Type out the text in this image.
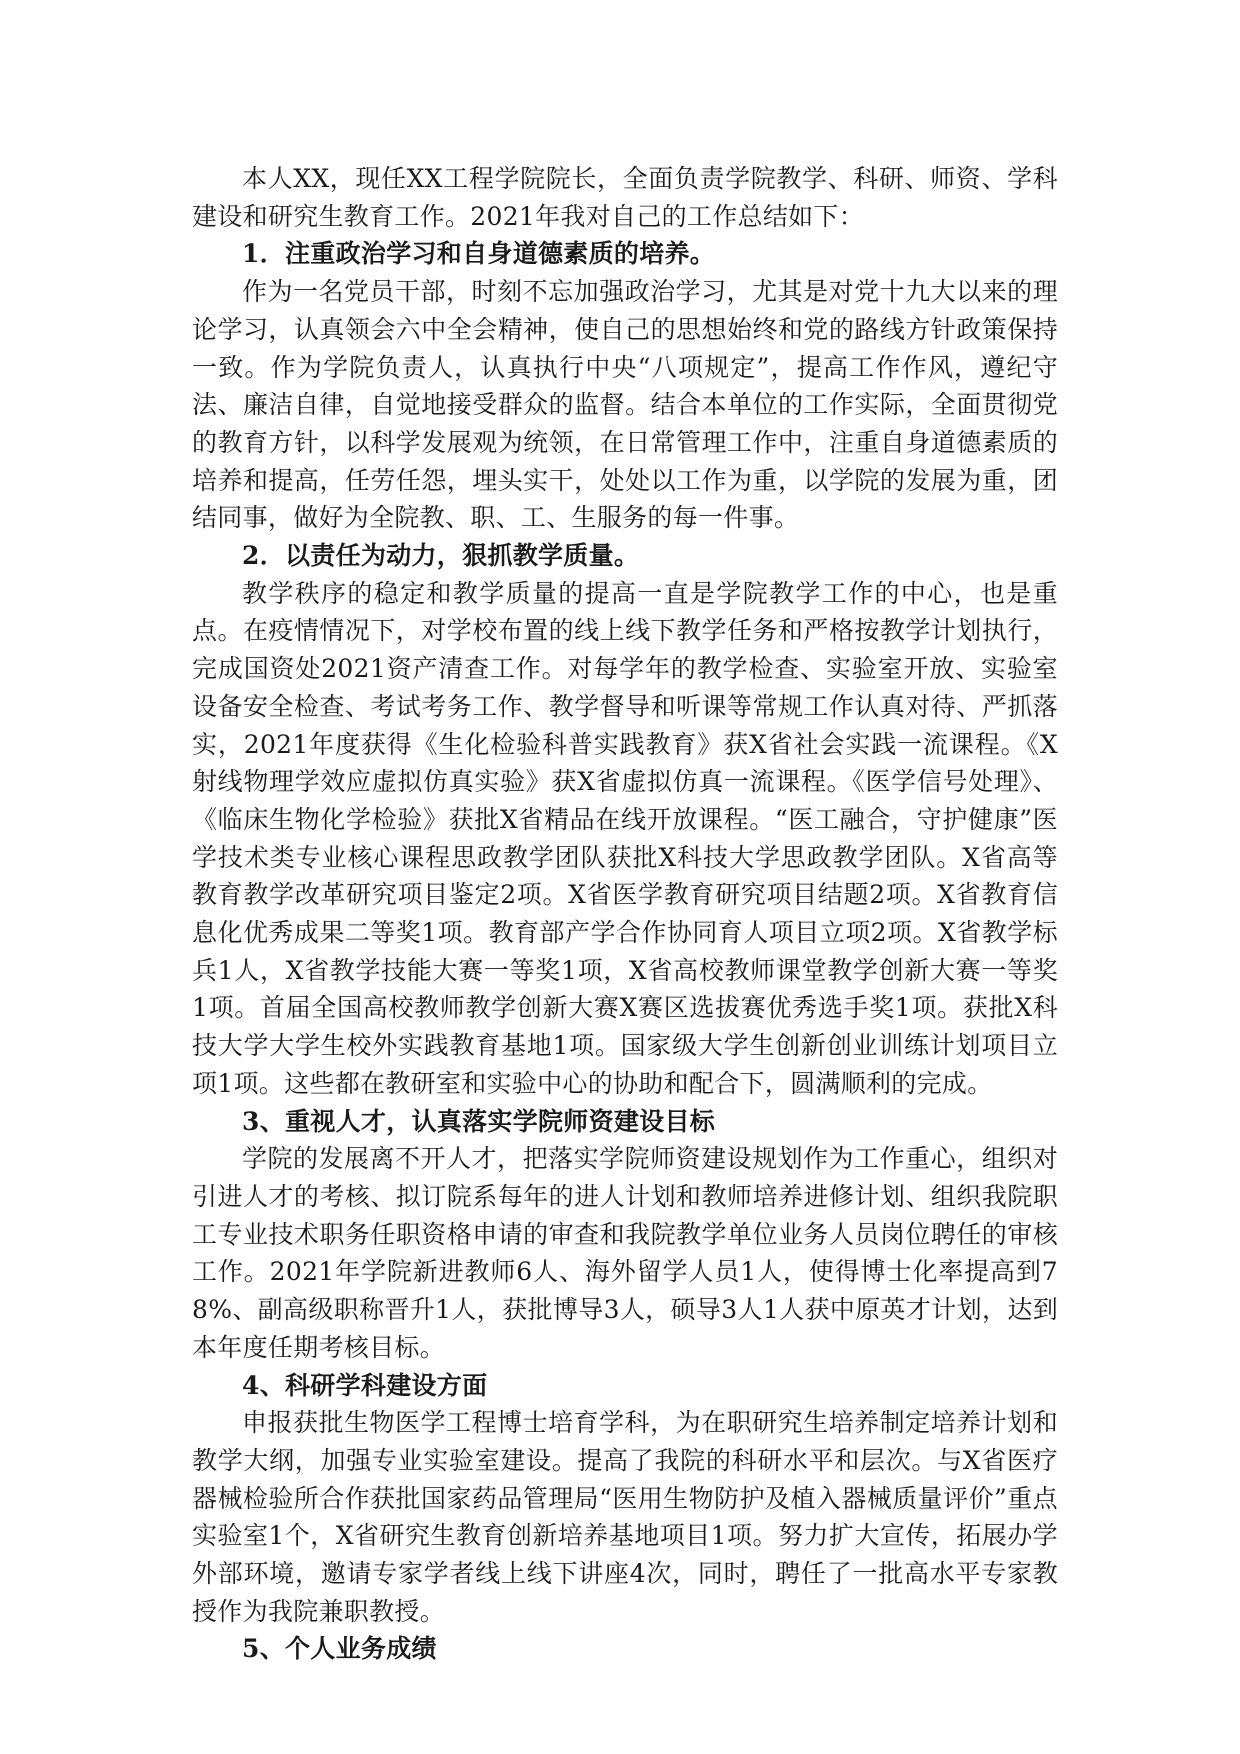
本人XX，现任XX工程学院院长，全面负责学院教学、科研、师资、学科建设和研究生教育工作。2021年我对自己的工作总结如下：

1．注重政治学习和自身道德素质的培养。

作为一名党员干部，时刻不忘加强政治学习，尤其是对党十九大以来的理论学习，认真领会六中全会精神，使自己的思想始终和党的路线方针政策保持一致。作为学院负责人，认真执行中央“八项规定”，提高工作作风，遵纪守法、廉洁自律，自觉地接受群众的监督。结合本单位的工作实际，全面贯彻党的教育方针，以科学发展观为统领，在日常管理工作中，注重自身道德素质的培养和提高，任劳任怨，埋头实干，处处以工作为重，以学院的发展为重，团结同事，做好为全院教、职、工、生服务的每一件事。

2．以责任为动力，狠抓教学质量。

教学秩序的稳定和教学质量的提高一直是学院教学工作的中心，也是重点。在疫情情况下，对学校布置的线上线下教学任务和严格按教学计划执行，完成国资处2021资产清查工作。对每学年的教学检查、实验室开放、实验室设备安全检查、考试考务工作、教学督导和听课等常规工作认真对待、严抓落实，2021年度获得《生化检验科普实践教育》获X省社会实践一流课程。《X射线物理学效应虚拟仿真实验》获X省虚拟仿真一流课程。《医学信号处理》、《临床生物化学检验》获批X省精品在线开放课程。“医工融合，守护健康”医学技术类专业核心课程思政教学团队获批X科技大学思政教学团队。X省高等教育教学改革研究项目鉴定2项。X省医学教育研究项目结题2项。X省教育信息化优秀成果二等奖1项。教育部产学合作协同育人项目立项2项。X省教学标兵1人，X省教学技能大赛一等奖1项，X省高校教师课堂教学创新大赛一等奖1项。首届全国高校教师教学创新大赛X赛区选拔赛优秀选手奖1项。获批X科技大学大学生校外实践教育基地1项。国家级大学生创新创业训练计划项目立项1项。这些都在教研室和实验中心的协助和配合下，圆满顺利的完成。

3、重视人才，认真落实学院师资建设目标

学院的发展离不开人才，把落实学院师资建设规划作为工作重心，组织对引进人才的考核、拟订院系每年的进人计划和教师培养进修计划、组织我院职工专业技术职务任职资格申请的审查和我院教学单位业务人员岗位聘任的审核工作。2021年学院新进教师6人、海外留学人员1人，使得博士化率提高到78%、副高级职称晋升1人，获批博导3人，硕导3人1人获中原英才计划，达到本年度任期考核目标。

4、科研学科建设方面

申报获批生物医学工程博士培育学科，为在职研究生培养制定培养计划和教学大纲，加强专业实验室建设。提高了我院的科研水平和层次。与X省医疗器械检验所合作获批国家药品管理局“医用生物防护及植入器械质量评价”重点实验室1个，X省研究生教育创新培养基地项目1项。努力扩大宣传，拓展办学外部环境，邀请专家学者线上线下讲座4次，同时，聘任了一批高水平专家教授作为我院兼职教授。

5、个人业务成绩
